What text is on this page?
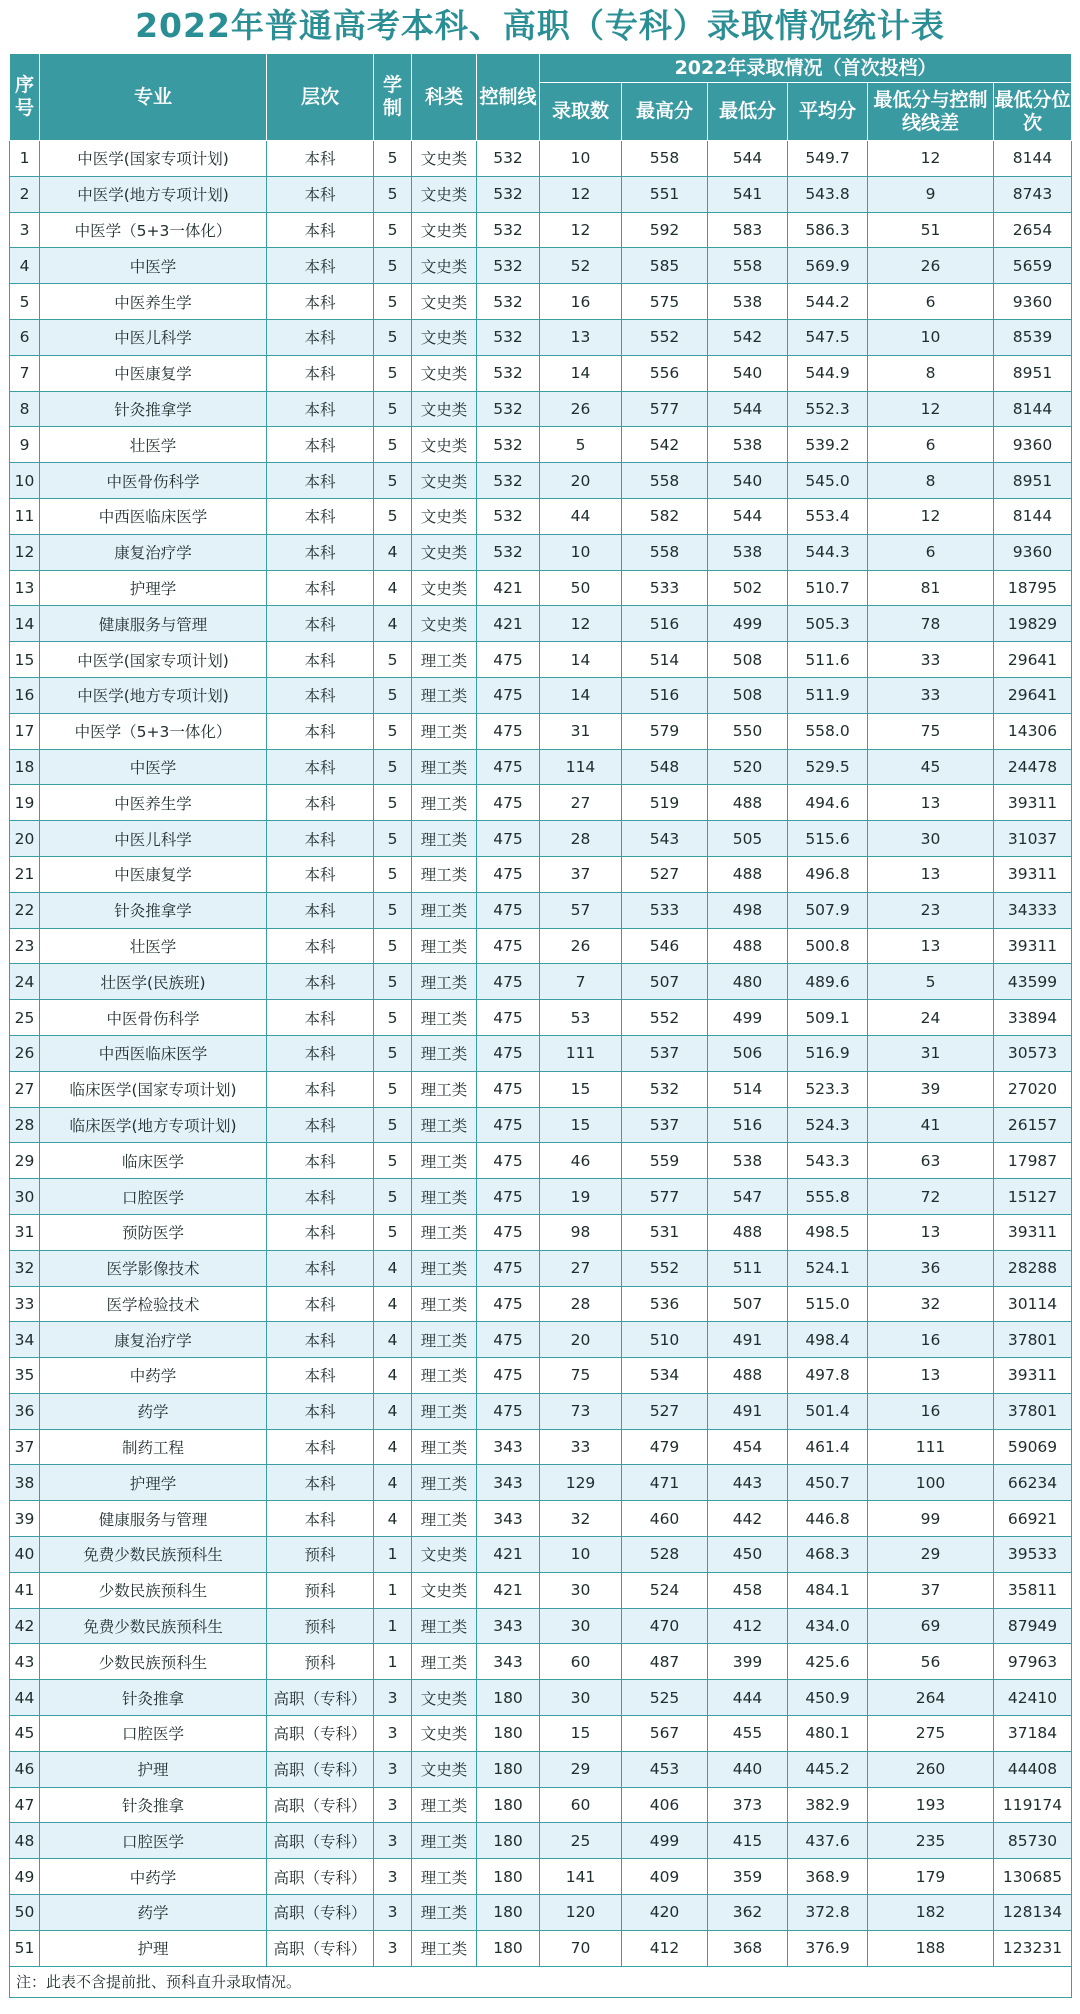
2022年普通高考本科、高职（专科）录取情况统计表
序号	专业	层次	学制	科类	控制线	2022年录取情况（首次投档）					
						录取数	最高分	最低分	平均分	最低分与控制线线差	最低分位次
1	中医学(国家专项计划)	本科	5	文史类	532	10	558	544	549.7	12	8144
2	中医学(地方专项计划)	本科	5	文史类	532	12	551	541	543.8	9	8743
3	中医学（5+3一体化）	本科	5	文史类	532	12	592	583	586.3	51	2654
4	中医学	本科	5	文史类	532	52	585	558	569.9	26	5659
5	中医养生学	本科	5	文史类	532	16	575	538	544.2	6	9360
6	中医儿科学	本科	5	文史类	532	13	552	542	547.5	10	8539
7	中医康复学	本科	5	文史类	532	14	556	540	544.9	8	8951
8	针灸推拿学	本科	5	文史类	532	26	577	544	552.3	12	8144
9	壮医学	本科	5	文史类	532	5	542	538	539.2	6	9360
10	中医骨伤科学	本科	5	文史类	532	20	558	540	545.0	8	8951
11	中西医临床医学	本科	5	文史类	532	44	582	544	553.4	12	8144
12	康复治疗学	本科	4	文史类	532	10	558	538	544.3	6	9360
13	护理学	本科	4	文史类	421	50	533	502	510.7	81	18795
14	健康服务与管理	本科	4	文史类	421	12	516	499	505.3	78	19829
15	中医学(国家专项计划)	本科	5	理工类	475	14	514	508	511.6	33	29641
16	中医学(地方专项计划)	本科	5	理工类	475	14	516	508	511.9	33	29641
17	中医学（5+3一体化）	本科	5	理工类	475	31	579	550	558.0	75	14306
18	中医学	本科	5	理工类	475	114	548	520	529.5	45	24478
19	中医养生学	本科	5	理工类	475	27	519	488	494.6	13	39311
20	中医儿科学	本科	5	理工类	475	28	543	505	515.6	30	31037
21	中医康复学	本科	5	理工类	475	37	527	488	496.8	13	39311
22	针灸推拿学	本科	5	理工类	475	57	533	498	507.9	23	34333
23	壮医学	本科	5	理工类	475	26	546	488	500.8	13	39311
24	壮医学(民族班)	本科	5	理工类	475	7	507	480	489.6	5	43599
25	中医骨伤科学	本科	5	理工类	475	53	552	499	509.1	24	33894
26	中西医临床医学	本科	5	理工类	475	111	537	506	516.9	31	30573
27	临床医学(国家专项计划)	本科	5	理工类	475	15	532	514	523.3	39	27020
28	临床医学(地方专项计划)	本科	5	理工类	475	15	537	516	524.3	41	26157
29	临床医学	本科	5	理工类	475	46	559	538	543.3	63	17987
30	口腔医学	本科	5	理工类	475	19	577	547	555.8	72	15127
31	预防医学	本科	5	理工类	475	98	531	488	498.5	13	39311
32	医学影像技术	本科	4	理工类	475	27	552	511	524.1	36	28288
33	医学检验技术	本科	4	理工类	475	28	536	507	515.0	32	30114
34	康复治疗学	本科	4	理工类	475	20	510	491	498.4	16	37801
35	中药学	本科	4	理工类	475	75	534	488	497.8	13	39311
36	药学	本科	4	理工类	475	73	527	491	501.4	16	37801
37	制药工程	本科	4	理工类	343	33	479	454	461.4	111	59069
38	护理学	本科	4	理工类	343	129	471	443	450.7	100	66234
39	健康服务与管理	本科	4	理工类	343	32	460	442	446.8	99	66921
40	免费少数民族预科生	预科	1	文史类	421	10	528	450	468.3	29	39533
41	少数民族预科生	预科	1	文史类	421	30	524	458	484.1	37	35811
42	免费少数民族预科生	预科	1	理工类	343	30	470	412	434.0	69	87949
43	少数民族预科生	预科	1	理工类	343	60	487	399	425.6	56	97963
44	针灸推拿	高职（专科）	3	文史类	180	30	525	444	450.9	264	42410
45	口腔医学	高职（专科）	3	文史类	180	15	567	455	480.1	275	37184
46	护理	高职（专科）	3	文史类	180	29	453	440	445.2	260	44408
47	针灸推拿	高职（专科）	3	理工类	180	60	406	373	382.9	193	119174
48	口腔医学	高职（专科）	3	理工类	180	25	499	415	437.6	235	85730
49	中药学	高职（专科）	3	理工类	180	141	409	359	368.9	179	130685
50	药学	高职（专科）	3	理工类	180	120	420	362	372.8	182	128134
51	护理	高职（专科）	3	理工类	180	70	412	368	376.9	188	123231
注：此表不含提前批、预科直升录取情况。											
